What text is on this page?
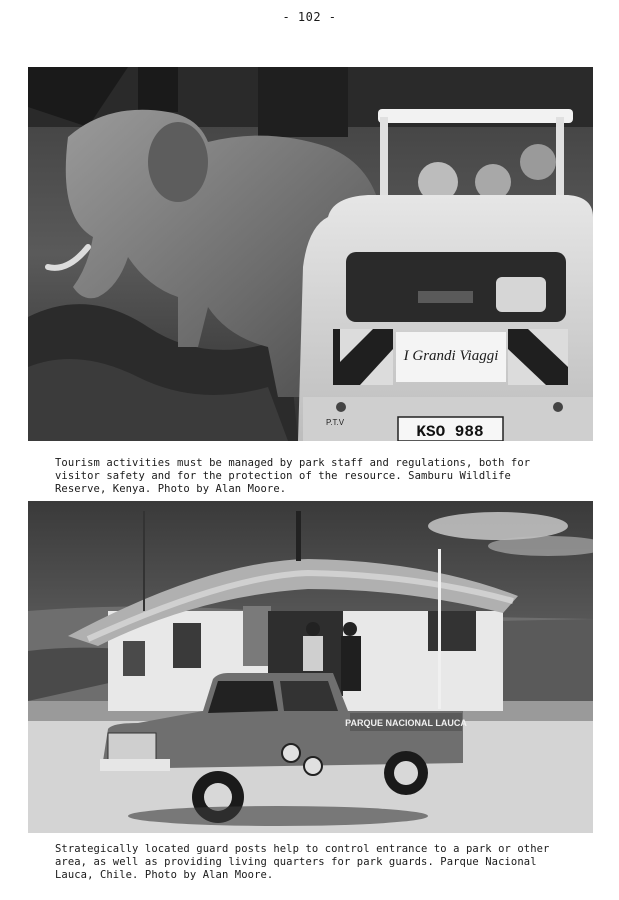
- 102 -
I Grandi Viaggi
KSO 988
P.T.V
Tourism activities must be managed by park staff and regulations, both for
visitor safety and for the protection of the resource. Samburu Wildlife
Reserve, Kenya. Photo by Alan Moore.
PARQUE NACIONAL LAUCA
Strategically located guard posts help to control entrance to a park or other
area, as well as providing living quarters for park guards. Parque Nacional
Lauca, Chile. Photo by Alan Moore.
